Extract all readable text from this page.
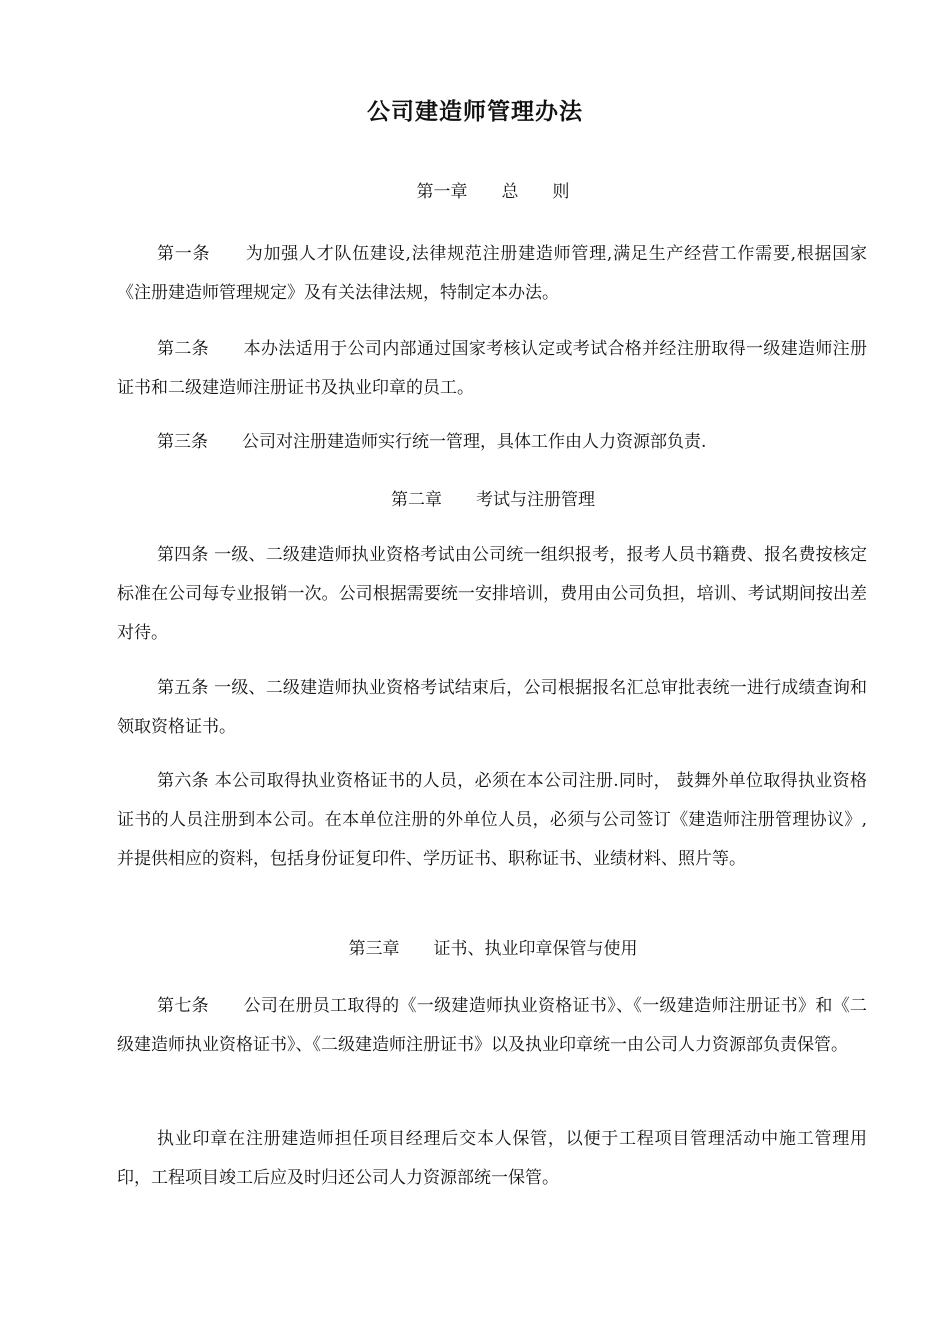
公司建造师管理办法
第一章　　总　　则
第一条　　为加强人才队伍建设,法律规范注册建造师管理,满足生产经营工作需要,根据国家《注册建造师管理规定》及有关法律法规，特制定本办法。
第二条　　本办法适用于公司内部通过国家考核认定或考试合格并经注册取得一级建造师注册证书和二级建造师注册证书及执业印章的员工。
第三条　　公司对注册建造师实行统一管理，具体工作由人力资源部负责.
第二章　　考试与注册管理
第四条 一级、二级建造师执业资格考试由公司统一组织报考，报考人员书籍费、报名费按核定标准在公司每专业报销一次。公司根据需要统一安排培训，费用由公司负担，培训、考试期间按出差对待。
第五条 一级、二级建造师执业资格考试结束后，公司根据报名汇总审批表统一进行成绩查询和领取资格证书。
第六条 本公司取得执业资格证书的人员，必须在本公司注册.同时， 鼓舞外单位取得执业资格证书的人员注册到本公司。在本单位注册的外单位人员，必须与公司签订《建造师注册管理协议》,并提供相应的资料，包括身份证复印件、学历证书、职称证书、业绩材料、照片等。
第三章　　证书、执业印章保管与使用
第七条　　公司在册员工取得的《一级建造师执业资格证书》、《一级建造师注册证书》和《二级建造师执业资格证书》、《二级建造师注册证书》以及执业印章统一由公司人力资源部负责保管。
执业印章在注册建造师担任项目经理后交本人保管，以便于工程项目管理活动中施工管理用印，工程项目竣工后应及时归还公司人力资源部统一保管。
